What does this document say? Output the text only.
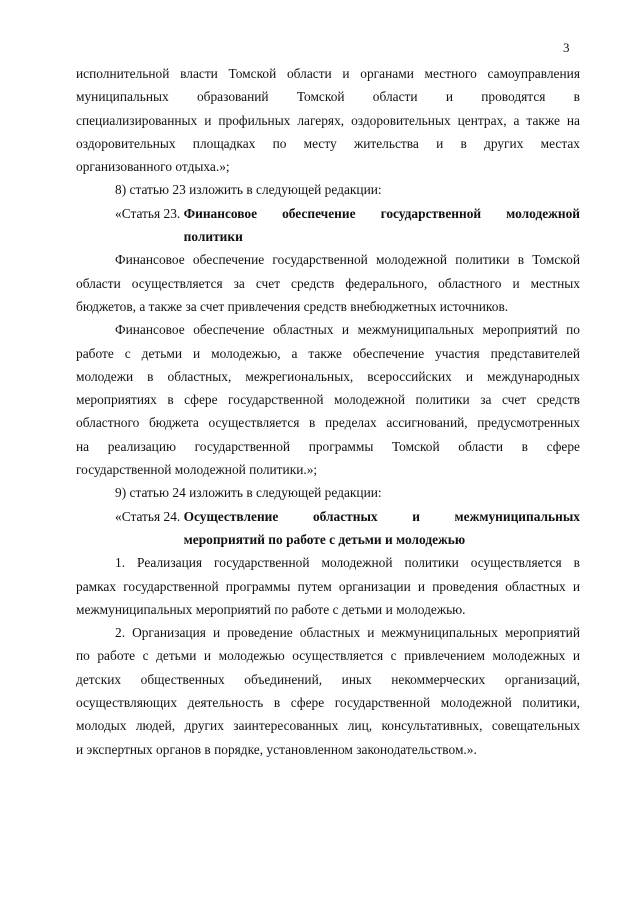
3
исполнительной власти Томской области и органами местного самоуправления
муниципальных образований Томской области и проводятся в
специализированных и профильных лагерях, оздоровительных центрах, а также на
оздоровительных площадках по месту жительства и в других местах
организованного отдыха.»;
8) статью 23 изложить в следующей редакции:
«Статья 23. Финансовое обеспечение государственной молодежной
политики
Финансовое обеспечение государственной молодежной политики в Томской
области осуществляется за счет средств федерального, областного и местных
бюджетов, а также за счет привлечения средств внебюджетных источников.
Финансовое обеспечение областных и межмуниципальных мероприятий по
работе с детьми и молодежью, а также обеспечение участия представителей
молодежи в областных, межрегиональных, всероссийских и международных
мероприятиях в сфере государственной молодежной политики за счет средств
областного бюджета осуществляется в пределах ассигнований, предусмотренных
на реализацию государственной программы Томской области в сфере
государственной молодежной политики.»;
9) статью 24 изложить в следующей редакции:
«Статья 24. Осуществление областных и межмуниципальных
мероприятий по работе с детьми и молодежью
1. Реализация государственной молодежной политики осуществляется в
рамках государственной программы путем организации и проведения областных и
межмуниципальных мероприятий по работе с детьми и молодежью.
2. Организация и проведение областных и межмуниципальных мероприятий
по работе с детьми и молодежью осуществляется с привлечением молодежных и
детских общественных объединений, иных некоммерческих организаций,
осуществляющих деятельность в сфере государственной молодежной политики,
молодых людей, других заинтересованных лиц, консультативных, совещательных
и экспертных органов в порядке, установленном законодательством.».
